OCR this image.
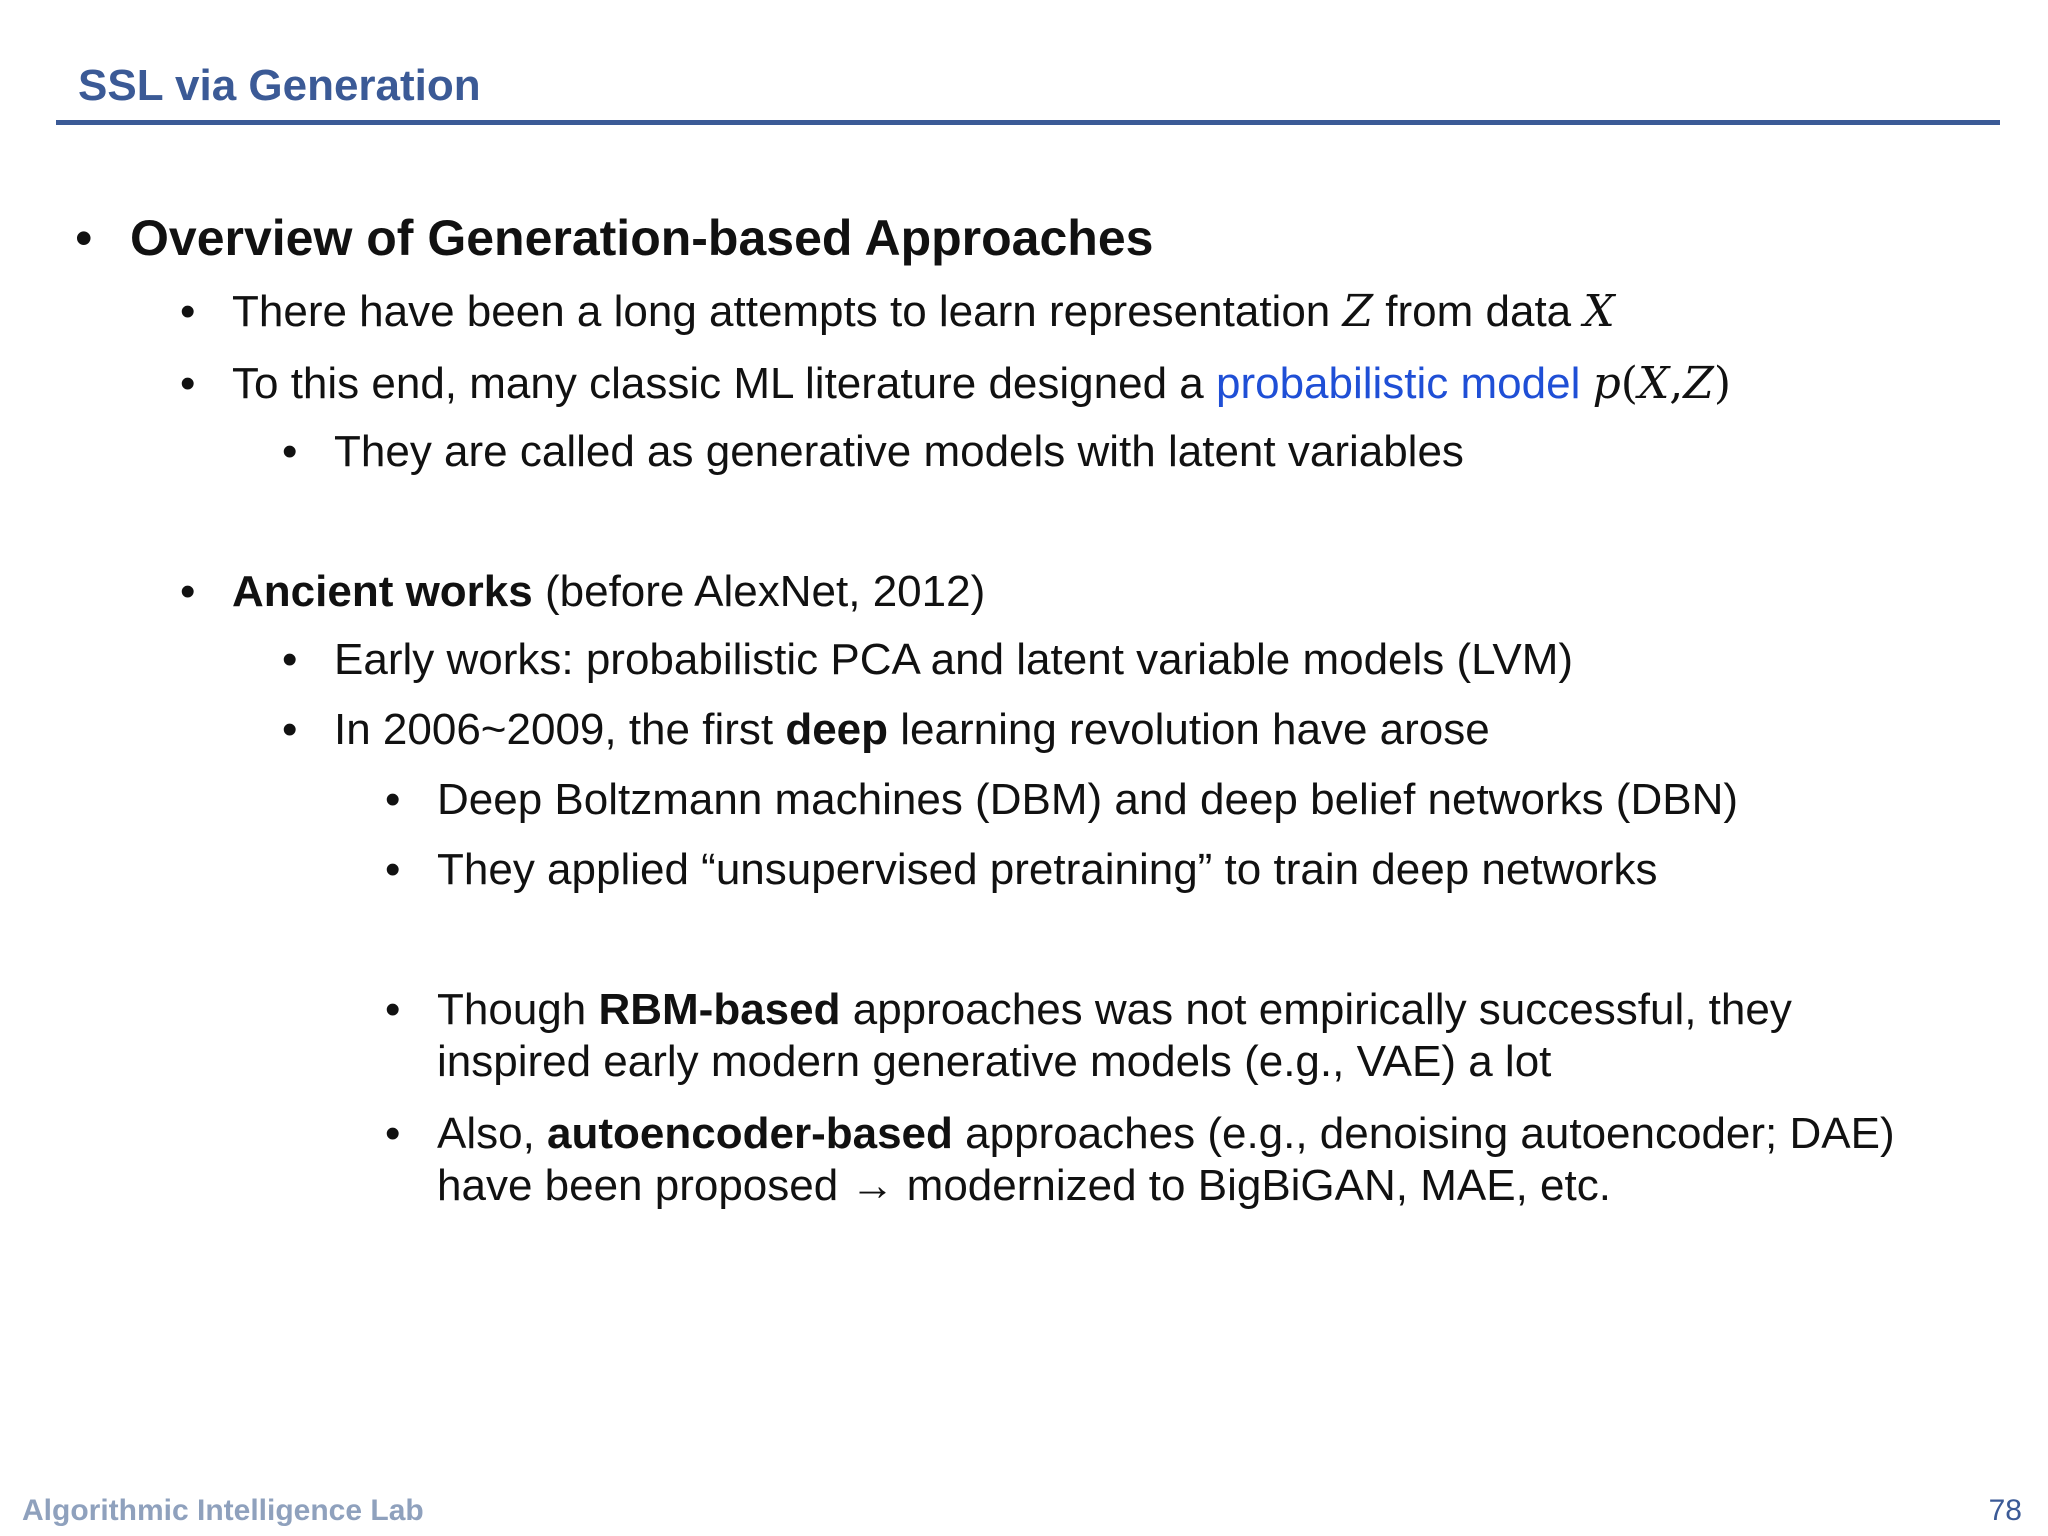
SSL via Generation
• Overview of Generation-based Approaches
• There have been a long attempts to learn representation Z from data X
• To this end, many classic ML literature designed a probabilistic model p(X,Z)
• They are called as generative models with latent variables
• Ancient works (before AlexNet, 2012)
• Early works: probabilistic PCA and latent variable models (LVM)
• In 2006~2009, the first deep learning revolution have arose
• Deep Boltzmann machines (DBM) and deep belief networks (DBN)
• They applied “unsupervised pretraining” to train deep networks
• Though RBM-based approaches was not empirically successful, they
inspired early modern generative models (e.g., VAE) a lot
• Also, autoencoder-based approaches (e.g., denoising autoencoder; DAE)
have been proposed → modernized to BigBiGAN, MAE, etc.
Algorithmic Intelligence Lab	78
